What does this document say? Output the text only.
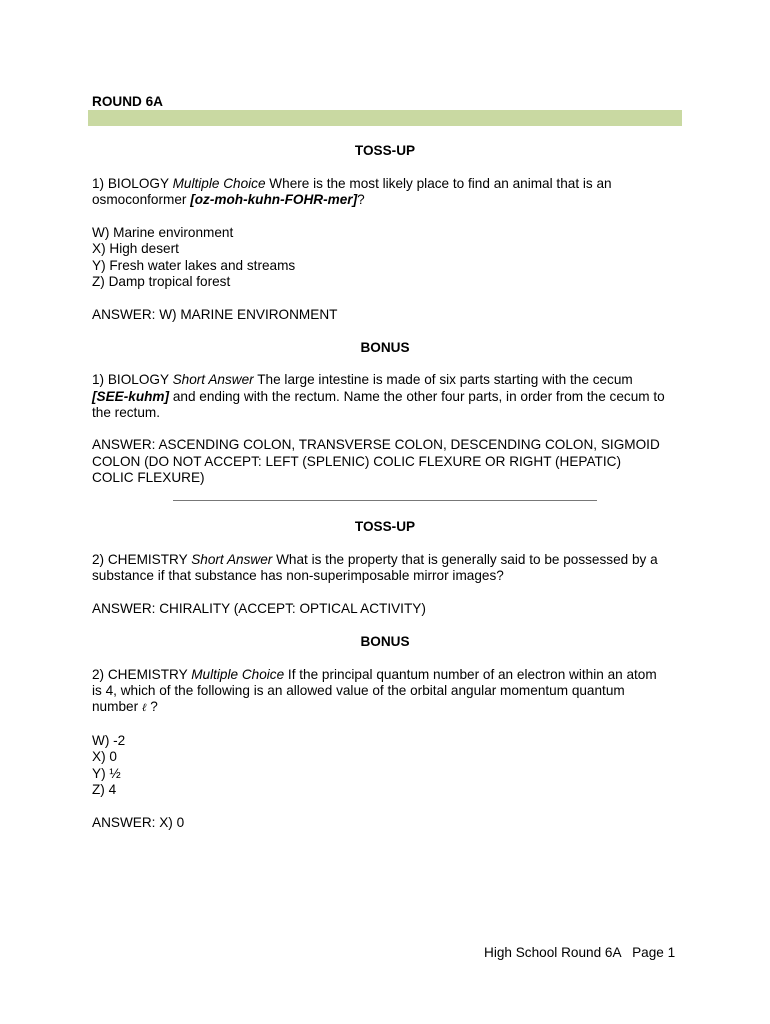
ROUND 6A
TOSS-UP
1) BIOLOGY Multiple Choice Where is the most likely place to find an animal that is an
osmoconformer [oz-moh-kuhn-FOHR-mer]?
W) Marine environment
X) High desert
Y) Fresh water lakes and streams
Z) Damp tropical forest
ANSWER: W) MARINE ENVIRONMENT
BONUS
1) BIOLOGY Short Answer The large intestine is made of six parts starting with the cecum
[SEE-kuhm] and ending with the rectum. Name the other four parts, in order from the cecum to
the rectum.
ANSWER: ASCENDING COLON, TRANSVERSE COLON, DESCENDING COLON, SIGMOID
COLON (DO NOT ACCEPT: LEFT (SPLENIC) COLIC FLEXURE OR RIGHT (HEPATIC)
COLIC FLEXURE)
TOSS-UP
2) CHEMISTRY Short Answer What is the property that is generally said to be possessed by a
substance if that substance has non-superimposable mirror images?
ANSWER: CHIRALITY (ACCEPT: OPTICAL ACTIVITY)
BONUS
2) CHEMISTRY Multiple Choice If the principal quantum number of an electron within an atom
is 4, which of the following is an allowed value of the orbital angular momentum quantum
number ℓ ?
W) -2
X) 0
Y) ½
Z) 4
ANSWER: X) 0
High School Round 6A   Page 1
